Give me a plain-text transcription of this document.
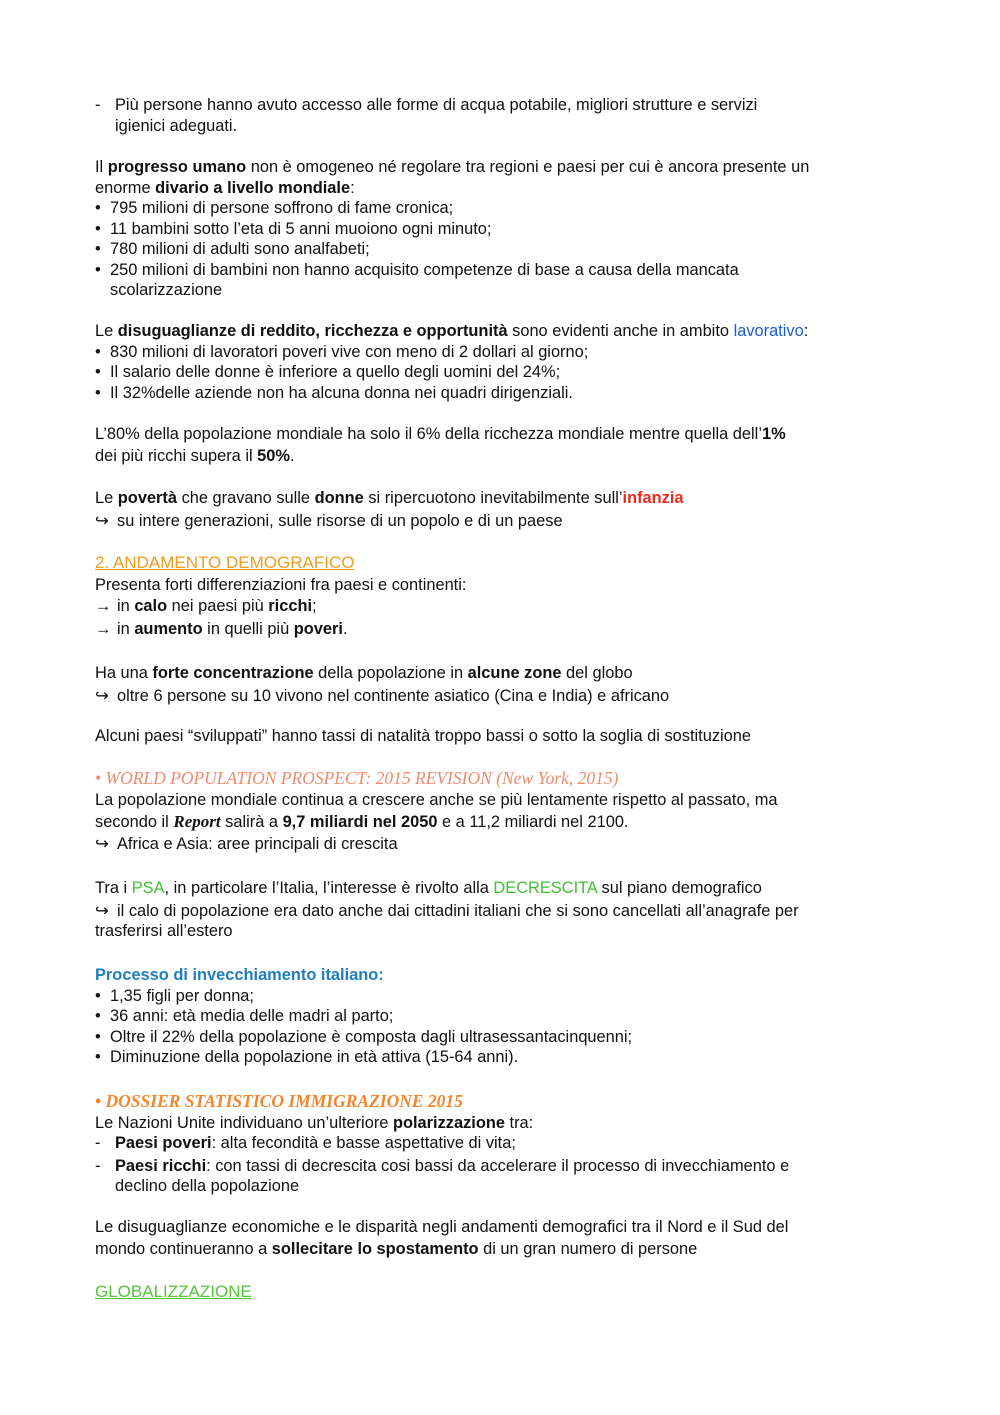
- Più persone hanno avuto accesso alle forme di acqua potabile, migliori strutture e servizi
igienici adeguati.
Il progresso umano non è omogeneo né regolare tra regioni e paesi per cui è ancora presente un
enorme divario a livello mondiale:
• 795 milioni di persone soffrono di fame cronica;
• 11 bambini sotto l’eta di 5 anni muoiono ogni minuto;
• 780 milioni di adulti sono analfabeti;
• 250 milioni di bambini non hanno acquisito competenze di base a causa della mancata
scolarizzazione
Le disuguaglianze di reddito, ricchezza e opportunità sono evidenti anche in ambito lavorativo:
• 830 milioni di lavoratori poveri vive con meno di 2 dollari al giorno;
• Il salario delle donne è inferiore a quello degli uomini del 24%;
• Il 32%delle aziende non ha alcuna donna nei quadri dirigenziali.
L’80% della popolazione mondiale ha solo il 6% della ricchezza mondiale mentre quella dell’1%
dei più ricchi supera il 50%.
Le povertà che gravano sulle donne si ripercuotono inevitabilmente sull’infanzia
↪ su intere generazioni, sulle risorse di un popolo e di un paese
2. ANDAMENTO DEMOGRAFICO
Presenta forti differenziazioni fra paesi e continenti:
→ in calo nei paesi più ricchi;
→ in aumento in quelli più poveri.
Ha una forte concentrazione della popolazione in alcune zone del globo
↪ oltre 6 persone su 10 vivono nel continente asiatico (Cina e India) e africano
Alcuni paesi “sviluppati” hanno tassi di natalità troppo bassi o sotto la soglia di sostituzione
• WORLD POPULATION PROSPECT: 2015 REVISION (New York, 2015)
La popolazione mondiale continua a crescere anche se più lentamente rispetto al passato, ma
secondo il Report salirà a 9,7 miliardi nel 2050 e a 11,2 miliardi nel 2100.
↪ Africa e Asia: aree principali di crescita
Tra i PSA, in particolare l’Italia, l’interesse è rivolto alla DECRESCITA sul piano demografico
↪ il calo di popolazione era dato anche dai cittadini italiani che si sono cancellati all’anagrafe per
trasferirsi all’estero
Processo di invecchiamento italiano:
• 1,35 figli per donna;
• 36 anni: età media delle madri al parto;
• Oltre il 22% della popolazione è composta dagli ultrasessantacinquenni;
• Diminuzione della popolazione in età attiva (15-64 anni).
• DOSSIER STATISTICO IMMIGRAZIONE 2015
Le Nazioni Unite individuano un’ulteriore polarizzazione tra:
- Paesi poveri: alta fecondità e basse aspettative di vita;
- Paesi ricchi: con tassi di decrescita cosi bassi da accelerare il processo di invecchiamento e
declino della popolazione
Le disuguaglianze economiche e le disparità negli andamenti demografici tra il Nord e il Sud del
mondo continueranno a sollecitare lo spostamento di un gran numero di persone
GLOBALIZZAZIONE
